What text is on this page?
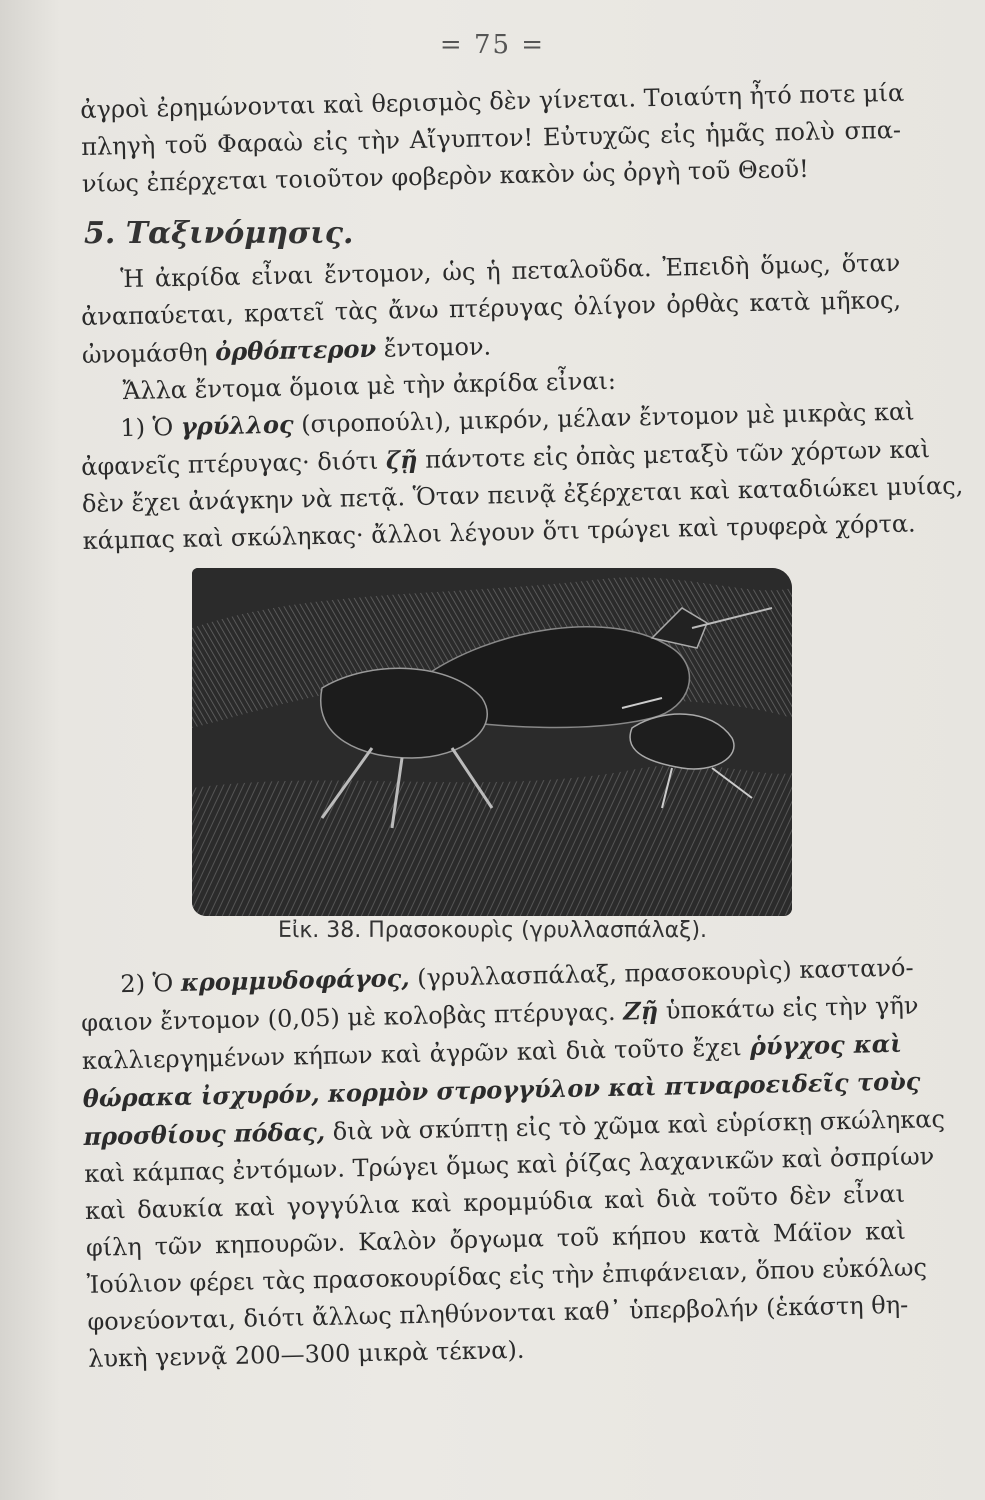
= 75 =
ἀγροὶ ἐρημώνονται καὶ θερισμὸς δὲν γίνεται. Τοιαύτη ἦτό ποτε μία
πληγὴ τοῦ Φαραὼ εἰς τὴν Αἴγυπτον! Εὐτυχῶς εἰς ἡμᾶς πολὺ σπα-
νίως ἐπέρχεται τοιοῦτον φοβερὸν κακὸν ὡς ὀργὴ τοῦ Θεοῦ!
5. Ταξινόμησις.
Ἡ ἀκρίδα εἶναι ἔντομον, ὡς ἡ πεταλοῦδα. Ἐπειδὴ ὅμως, ὅταν
ἀναπαύεται, κρατεῖ τὰς ἄνω πτέρυγας ὀλίγον ὀρθὰς κατὰ μῆκος,
ὠνομάσθη ὀρθόπτερον ἔντομον.
Ἄλλα ἔντομα ὅμοια μὲ τὴν ἀκρίδα εἶναι:
1) Ὁ γρύλλος (σιροπούλι), μικρόν, μέλαν ἔντομον μὲ μικρὰς καὶ
ἀφανεῖς πτέρυγας· διότι ζῇ πάντοτε εἰς ὀπὰς μεταξὺ τῶν χόρτων καὶ
δὲν ἔχει ἀνάγκην νὰ πετᾷ. Ὅταν πεινᾷ ἐξέρχεται καὶ καταδιώκει μυίας,
κάμπας καὶ σκώληκας· ἄλλοι λέγουν ὅτι τρώγει καὶ τρυφερὰ χόρτα.
Εἰκ. 38. Πρασοκουρὶς (γρυλλασπάλαξ).
2) Ὁ κρομμυδοφάγος, (γρυλλασπάλαξ, πρασοκουρὶς) καστανό-
φαιον ἔντομον (0,05) μὲ κολοβὰς πτέρυγας. Ζῇ ὑποκάτω εἰς τὴν γῆν
καλλιεργημένων κήπων καὶ ἀγρῶν καὶ διὰ τοῦτο ἔχει ῥύγχος καὶ
θώρακα ἰσχυρόν, κορμὸν στρογγύλον καὶ πτναροειδεῖς τοὺς
προσθίους πόδας, διὰ νὰ σκύπτῃ εἰς τὸ χῶμα καὶ εὑρίσκῃ σκώληκας
καὶ κάμπας ἐντόμων. Τρώγει ὅμως καὶ ῥίζας λαχανικῶν καὶ ὀσπρίων
καὶ δαυκία καὶ γογγύλια καὶ κρομμύδια καὶ διὰ τοῦτο δὲν εἶναι
φίλη τῶν κηπουρῶν. Καλὸν ὄργωμα τοῦ κήπου κατὰ Μάϊον καὶ
Ἰούλιον φέρει τὰς πρασοκουρίδας εἰς τὴν ἐπιφάνειαν, ὅπου εὐκόλως
φονεύονται, διότι ἄλλως πληθύνονται καθ᾽ ὑπερβολήν (ἑκάστη θη-
λυκὴ γεννᾷ 200—300 μικρὰ τέκνα).
